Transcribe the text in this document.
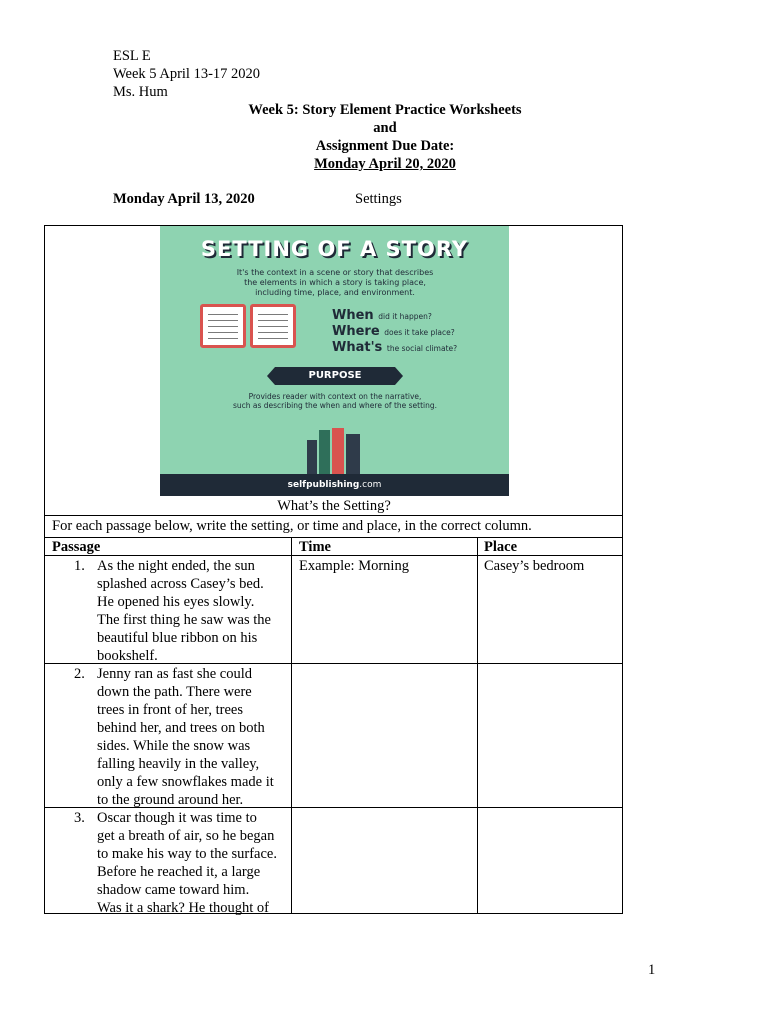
ESL E
Week 5 April 13-17 2020
Ms. Hum
Week 5: Story Element Practice Worksheets
and
Assignment Due Date:
Monday April 20, 2020
Monday April 13, 2020	Settings
SETTING OF A STORY
It's the context in a scene or story that describes
the elements in which a story is taking place,
including time, place, and environment.
When did it happen?
Where does it take place?
What's the social climate?
PURPOSE
Provides reader with context on the narrative,
such as describing the when and where of the setting.
selfpublishing.com
What’s the Setting?
For each passage below, write the setting, or time and place, in the correct column.
Passage	Time	Place
1. As the night ended, the sun
splashed across Casey’s bed.
He opened his eyes slowly.
The first thing he saw was the
beautiful blue ribbon on his
bookshelf.
Example: Morning	Casey’s bedroom
2. Jenny ran as fast she could
down the path. There were
trees in front of her, trees
behind her, and trees on both
sides. While the snow was
falling heavily in the valley,
only a few snowflakes made it
to the ground around her.
3. Oscar though it was time to
get a breath of air, so he began
to make his way to the surface.
Before he reached it, a large
shadow came toward him.
Was it a shark? He thought of
1
